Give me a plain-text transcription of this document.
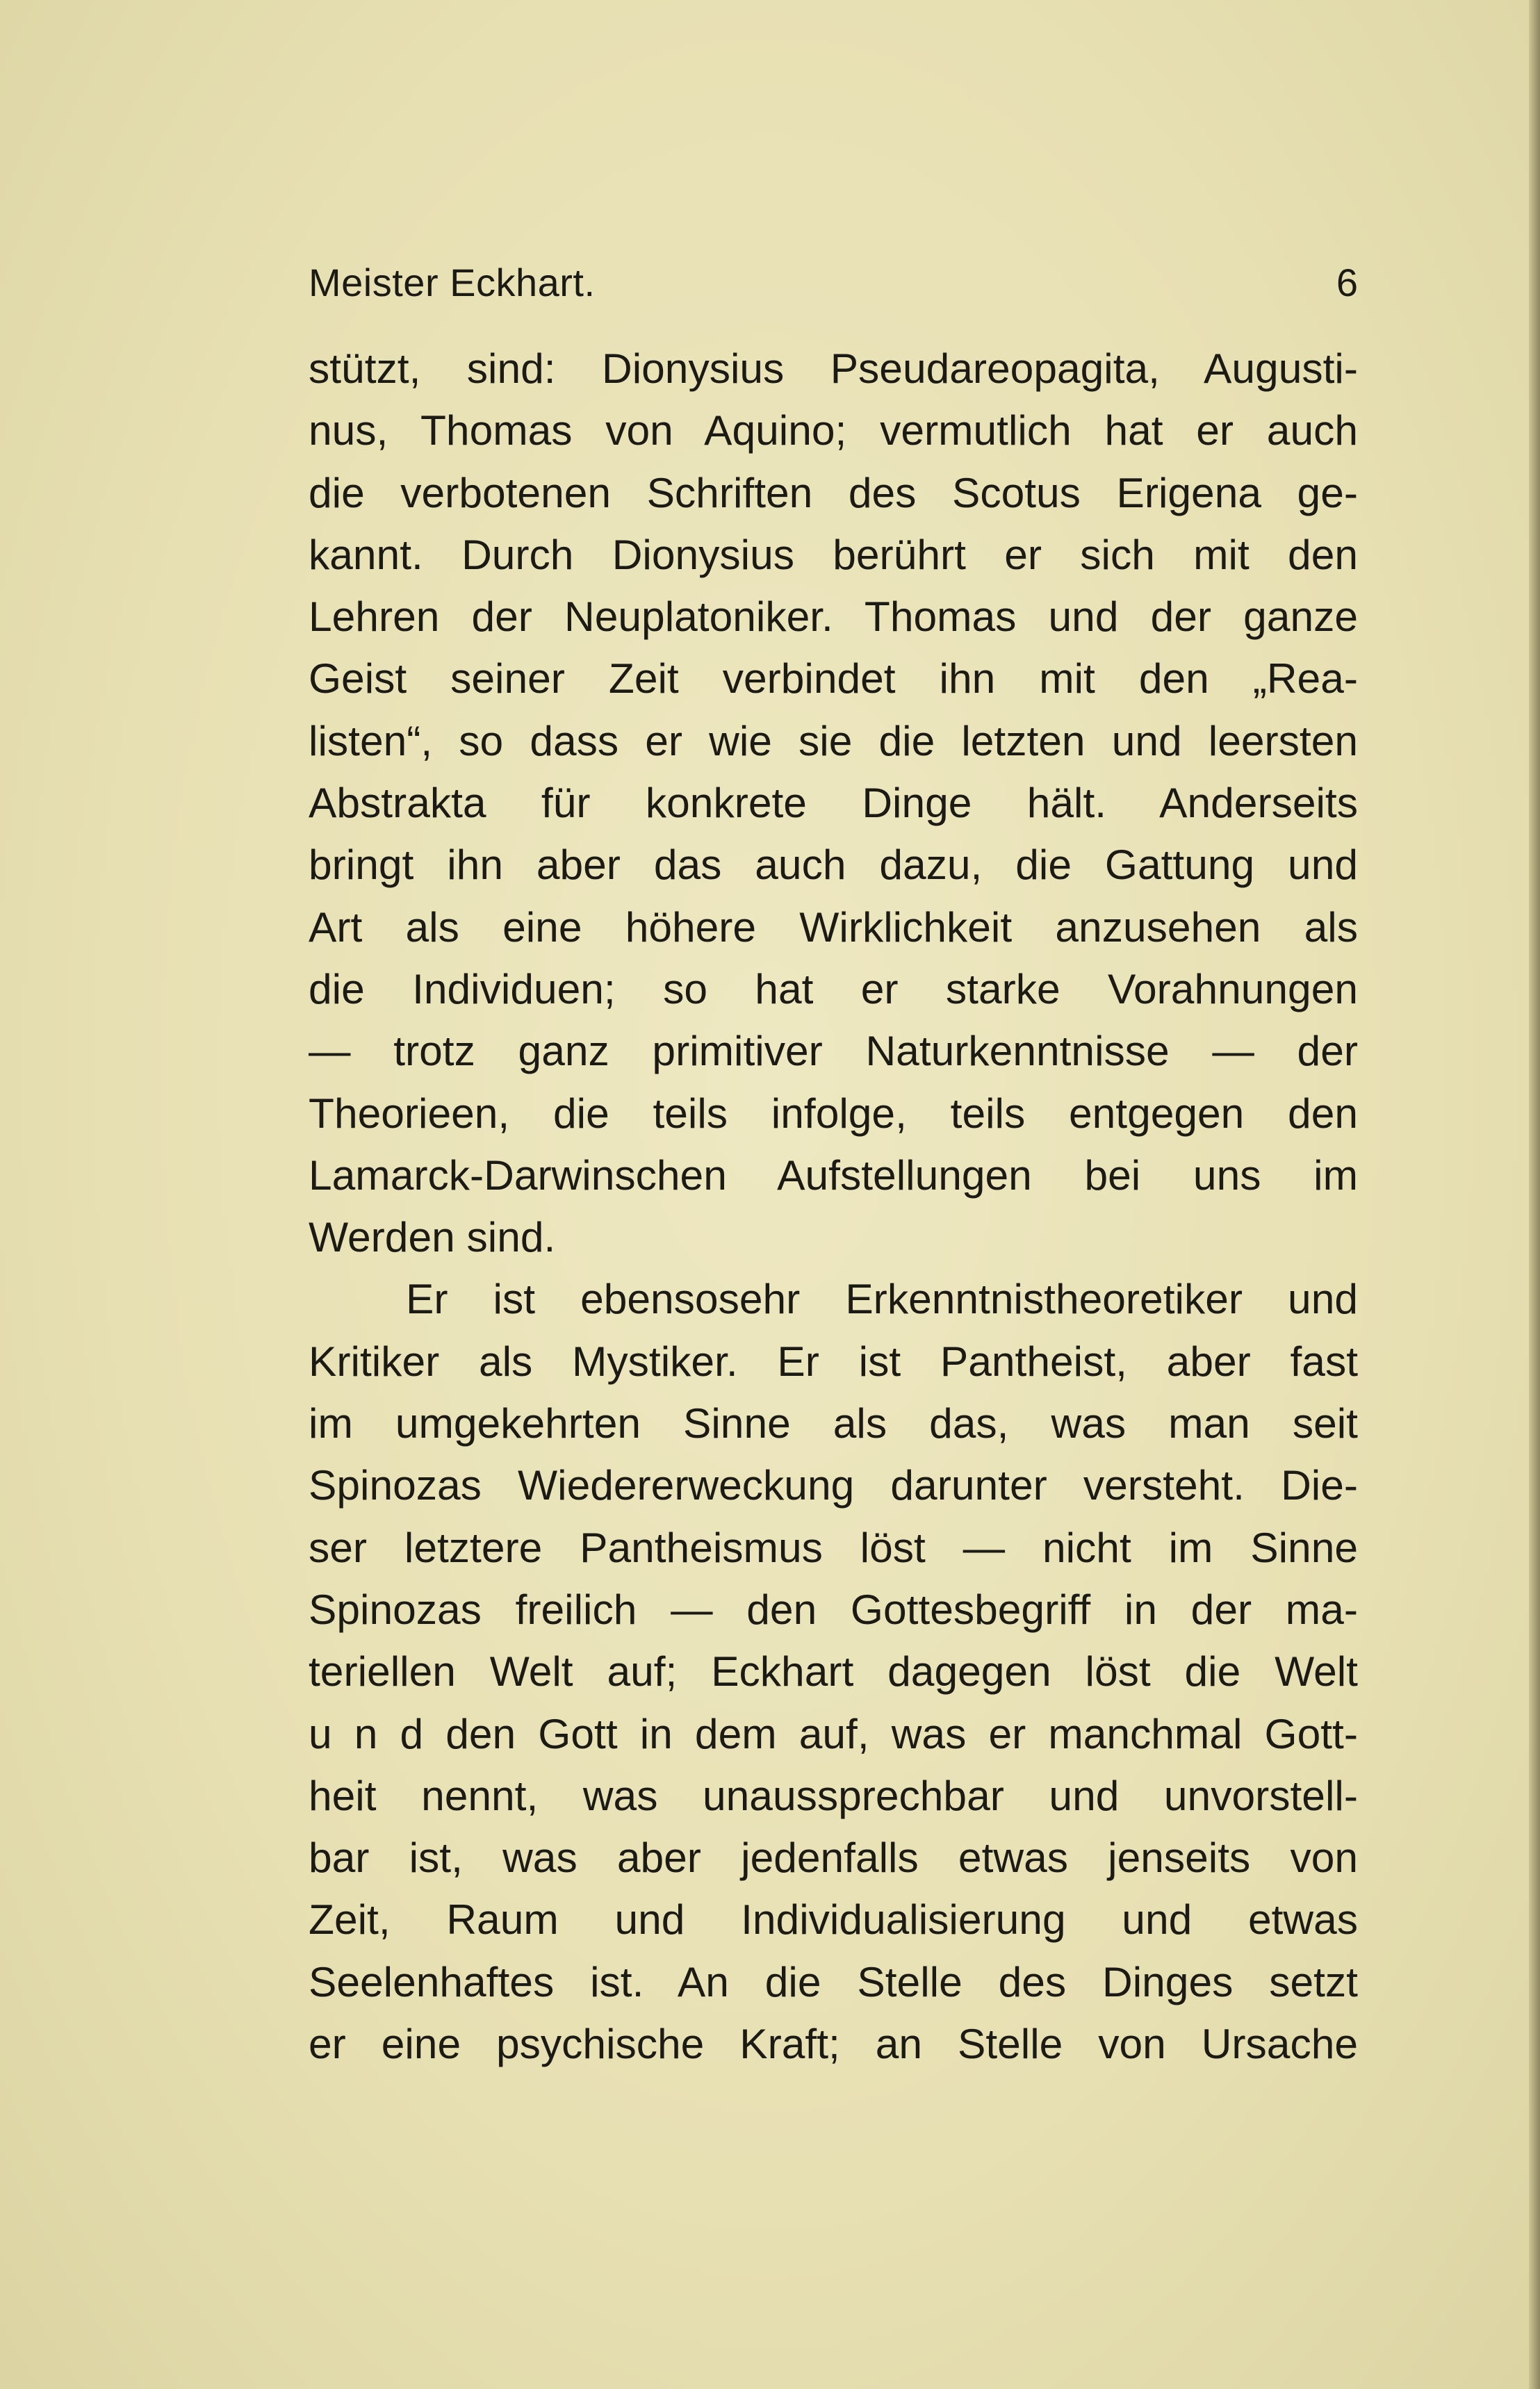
Meister Eckhart.	6
stützt, sind: Dionysius Pseudareopagita, Augusti-
nus, Thomas von Aquino; vermutlich hat er auch
die verbotenen Schriften des Scotus Erigena ge-
kannt. Durch Dionysius berührt er sich mit den
Lehren der Neuplatoniker. Thomas und der ganze
Geist seiner Zeit verbindet ihn mit den „Rea-
listen“, so dass er wie sie die letzten und leersten
Abstrakta für konkrete Dinge hält. Anderseits
bringt ihn aber das auch dazu, die Gattung und
Art als eine höhere Wirklichkeit anzusehen als
die Individuen; so hat er starke Vorahnungen
— trotz ganz primitiver Naturkenntnisse — der
Theorieen, die teils infolge, teils entgegen den
Lamarck-Darwinschen Aufstellungen bei uns im
Werden sind.
Er ist ebensosehr Erkenntnistheoretiker und
Kritiker als Mystiker. Er ist Pantheist, aber fast
im umgekehrten Sinne als das, was man seit
Spinozas Wiedererweckung darunter versteht. Die-
ser letztere Pantheismus löst — nicht im Sinne
Spinozas freilich — den Gottesbegriff in der ma-
teriellen Welt auf; Eckhart dagegen löst die Welt
u n d den Gott in dem auf, was er manchmal Gott-
heit nennt, was unaussprechbar und unvorstell-
bar ist, was aber jedenfalls etwas jenseits von
Zeit, Raum und Individualisierung und etwas
Seelenhaftes ist. An die Stelle des Dinges setzt
er eine psychische Kraft; an Stelle von Ursache
